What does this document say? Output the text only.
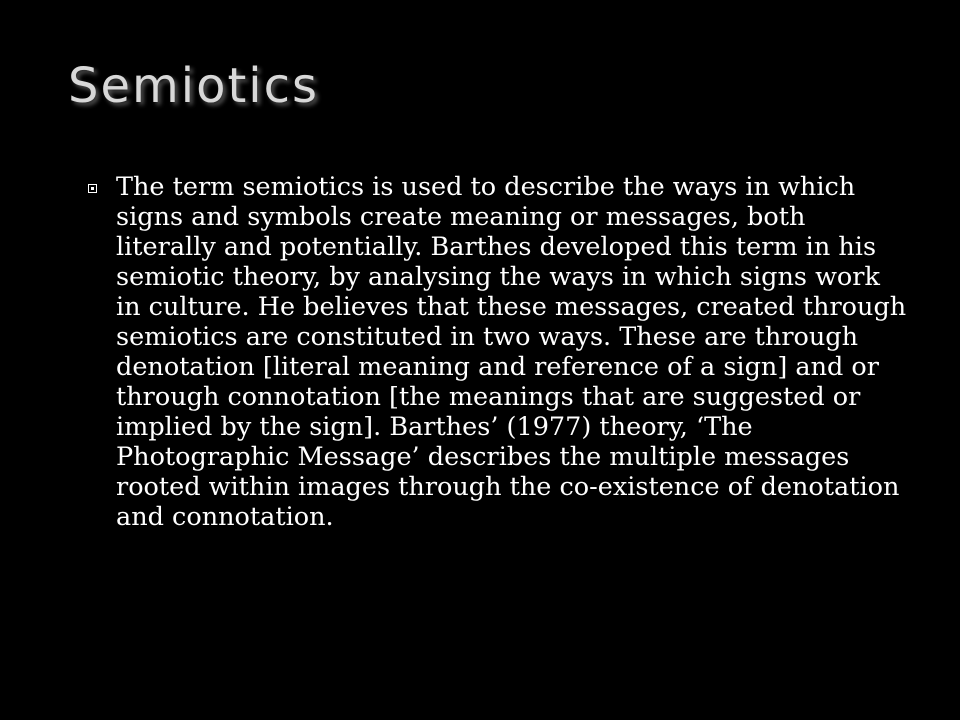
Semiotics

The term semiotics is used to describe the ways in which signs and symbols create meaning or messages, both literally and potentially. Barthes developed this term in his semiotic theory, by analysing the ways in which signs work in culture. He believes that these messages, created through semiotics are constituted in two ways. These are through denotation [literal meaning and reference of a sign] and or through connotation [the meanings that are suggested or implied by the sign]. Barthes’ (1977) theory, ‘The Photographic Message’ describes the multiple messages rooted within images through the co-existence of denotation and connotation.
